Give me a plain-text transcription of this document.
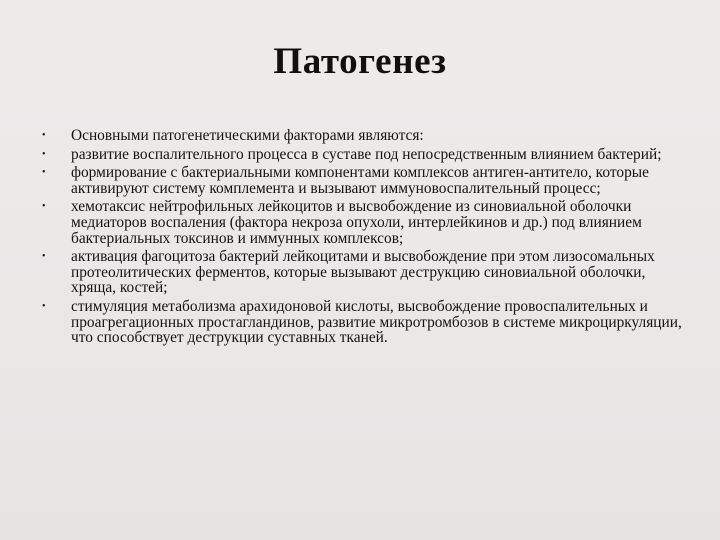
Патогенез
•	Основными патогенетическими факторами являются:
•	развитие воспалительного процесса в суставе под непосредственным влиянием бактерий;
•	формирование с бактериальными компонентами комплексов антиген-антитело, которые активируют систему комплемента и вызывают иммуновоспалительный процесс;
•	хемотаксис нейтрофильных лейкоцитов и высвобождение из синовиальной оболочки медиаторов воспаления (фактора некроза опухоли, интерлейкинов и др.) под влиянием бактериальных токсинов и иммунных комплексов;
•	активация фагоцитоза бактерий лейкоцитами и высвобождение при этом лизосомальных протеолитических ферментов, которые вызывают деструкцию синовиальной оболочки, хряща, костей;
•	стимуляция метаболизма арахидоновой кислоты, высвобождение провоспалительных и проагрегационных простагландинов, развитие микротромбозов в системе микроциркуляции, что способствует деструкции суставных тканей.
